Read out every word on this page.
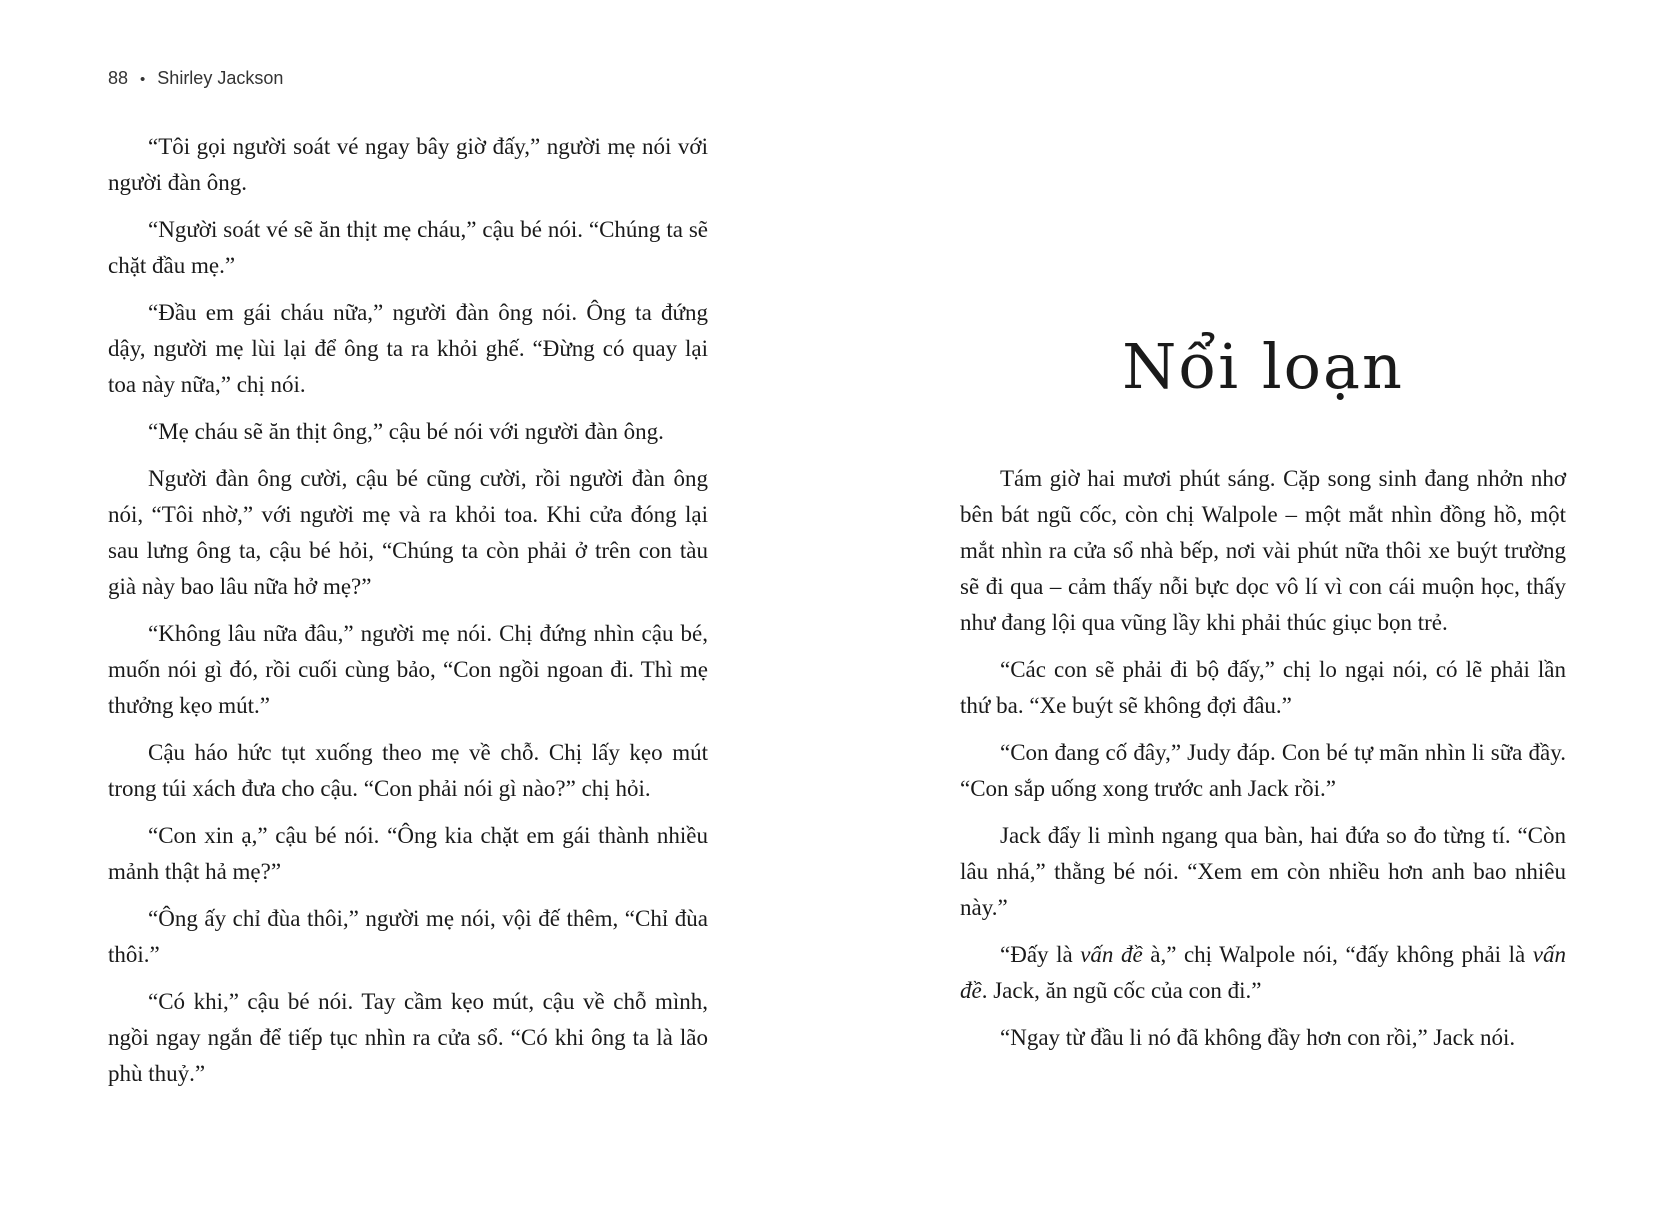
88 • Shirley Jackson

“Tôi gọi người soát vé ngay bây giờ đấy,” người mẹ nói với người đàn ông.

“Người soát vé sẽ ăn thịt mẹ cháu,” cậu bé nói. “Chúng ta sẽ chặt đầu mẹ.”

“Đầu em gái cháu nữa,” người đàn ông nói. Ông ta đứng dậy, người mẹ lùi lại để ông ta ra khỏi ghế. “Đừng có quay lại toa này nữa,” chị nói.

“Mẹ cháu sẽ ăn thịt ông,” cậu bé nói với người đàn ông.

Người đàn ông cười, cậu bé cũng cười, rồi người đàn ông nói, “Tôi nhờ,” với người mẹ và ra khỏi toa. Khi cửa đóng lại sau lưng ông ta, cậu bé hỏi, “Chúng ta còn phải ở trên con tàu già này bao lâu nữa hở mẹ?”

“Không lâu nữa đâu,” người mẹ nói. Chị đứng nhìn cậu bé, muốn nói gì đó, rồi cuối cùng bảo, “Con ngồi ngoan đi. Thì mẹ thưởng kẹo mút.”

Cậu háo hức tụt xuống theo mẹ về chỗ. Chị lấy kẹo mút trong túi xách đưa cho cậu. “Con phải nói gì nào?” chị hỏi.

“Con xin ạ,” cậu bé nói. “Ông kia chặt em gái thành nhiều mảnh thật hả mẹ?”

“Ông ấy chỉ đùa thôi,” người mẹ nói, vội đế thêm, “Chỉ đùa thôi.”

“Có khi,” cậu bé nói. Tay cầm kẹo mút, cậu về chỗ mình, ngồi ngay ngắn để tiếp tục nhìn ra cửa sổ. “Có khi ông ta là lão phù thuỷ.”

Nổi loạn

Tám giờ hai mươi phút sáng. Cặp song sinh đang nhởn nhơ bên bát ngũ cốc, còn chị Walpole – một mắt nhìn đồng hồ, một mắt nhìn ra cửa sổ nhà bếp, nơi vài phút nữa thôi xe buýt trường sẽ đi qua – cảm thấy nỗi bực dọc vô lí vì con cái muộn học, thấy như đang lội qua vũng lầy khi phải thúc giục bọn trẻ.

“Các con sẽ phải đi bộ đấy,” chị lo ngại nói, có lẽ phải lần thứ ba. “Xe buýt sẽ không đợi đâu.”

“Con đang cố đây,” Judy đáp. Con bé tự mãn nhìn li sữa đầy. “Con sắp uống xong trước anh Jack rồi.”

Jack đẩy li mình ngang qua bàn, hai đứa so đo từng tí. “Còn lâu nhá,” thằng bé nói. “Xem em còn nhiều hơn anh bao nhiêu này.”

“Đấy là vấn đề à,” chị Walpole nói, “đấy không phải là vấn đề. Jack, ăn ngũ cốc của con đi.”

“Ngay từ đầu li nó đã không đầy hơn con rồi,” Jack nói.
